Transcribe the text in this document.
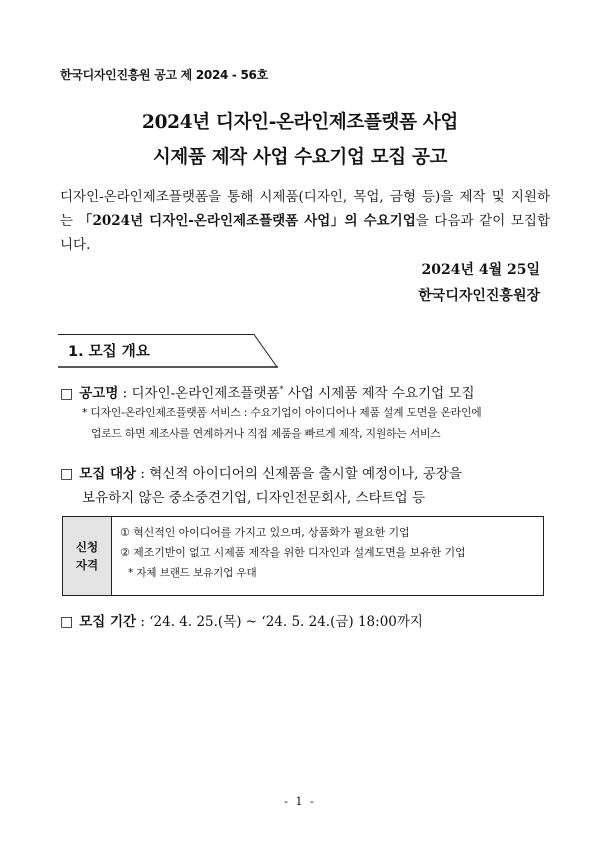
한국디자인진흥원 공고 제 2024 - 56호
2024년 디자인-온라인제조플랫폼 사업
시제품 제작 사업 수요기업 모집 공고
디자인-온라인제조플랫폼을 통해 시제품(디자인, 목업, 금형 등)을 제작 및 지원하는 「2024년 디자인-온라인제조플랫폼 사업」의 수요기업을 다음과 같이 모집합니다.
2024년 4월 25일
한국디자인진흥원장
1. 모집 개요
□ 공고명 : 디자인-온라인제조플랫폼* 사업 시제품 제작 수요기업 모집
* 디자인-온라인제조플랫폼 서비스 : 수요기업이 아이디어나 제품 설계 도면을 온라인에
업로드 하면 제조사를 연계하거나 직접 제품을 빠르게 제작, 지원하는 서비스
□ 모집 대상 : 혁신적 아이디어의 신제품을 출시할 예정이나, 공장을
보유하지 않은 중소중견기업, 디자인전문회사, 스타트업 등
신청
자격
① 혁신적인 아이디어를 가지고 있으며, 상품화가 필요한 기업
② 제조기반이 없고 시제품 제작을 위한 디자인과 설계도면을 보유한 기업
* 자체 브랜드 보유기업 우대
□ 모집 기간 : ‘24. 4. 25.(목) ~ ‘24. 5. 24.(금) 18:00까지
- 1 -
